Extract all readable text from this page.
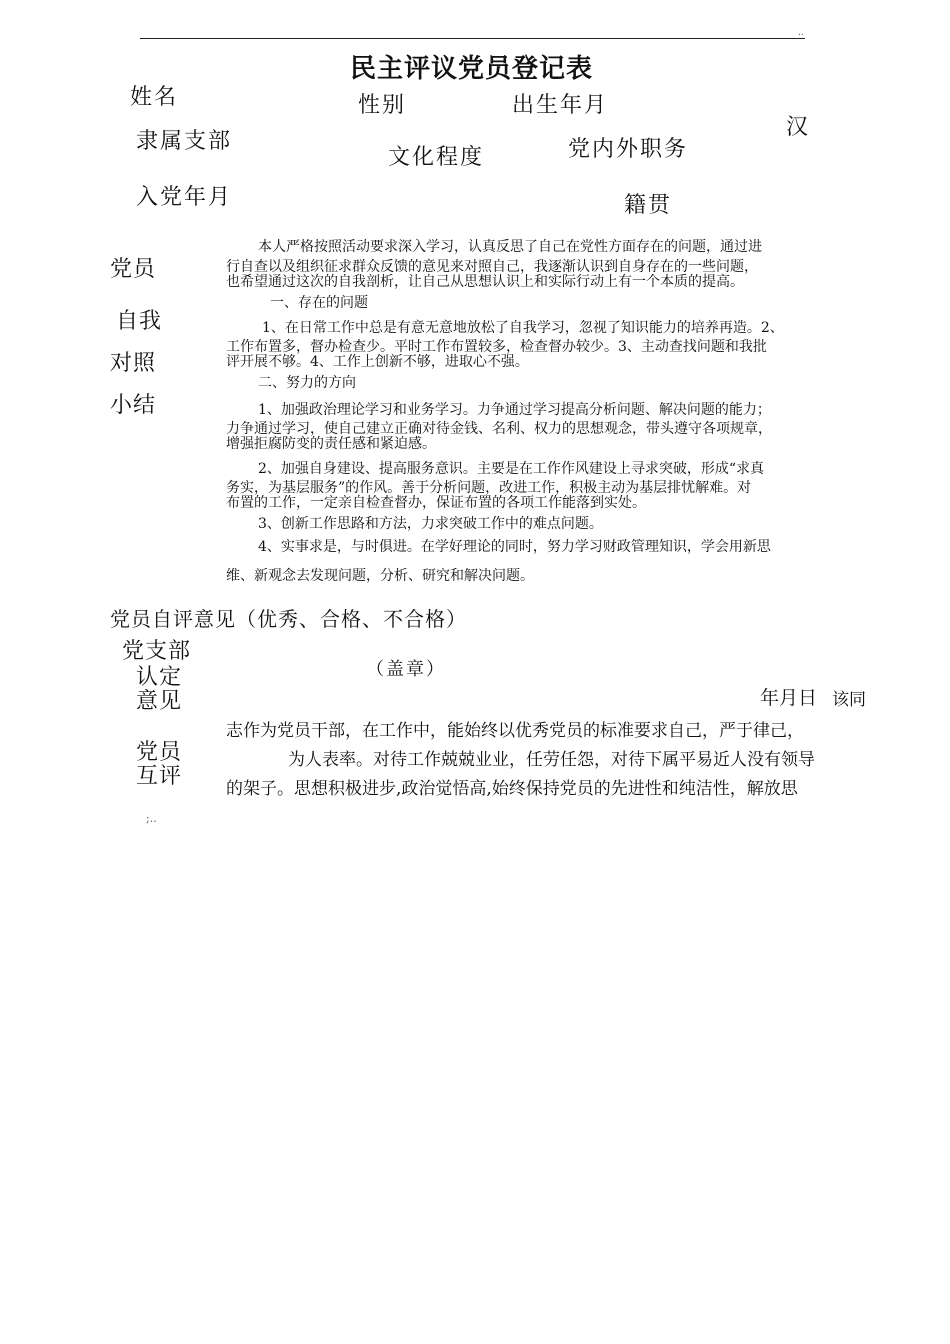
..
民主评议党员登记表
姓名	性别	出生年月
汉
隶属支部
文化程度	党内外职务
入党年月	籍贯
党员
自我
对照
小结
本人严格按照活动要求深入学习，认真反思了自己在党性方面存在的问题，通过进
行自查以及组织征求群众反馈的意见来对照自己，我逐渐认识到自身存在的一些问题，
也希望通过这次的自我剖析，让自己从思想认识上和实际行动上有一个本质的提高。
一、存在的问题
1、在日常工作中总是有意无意地放松了自我学习，忽视了知识能力的培养再造。2、
工作布置多，督办检查少。平时工作布置较多，检查督办较少。3、主动查找问题和我批
评开展不够。4、工作上创新不够，进取心不强。
二、努力的方向
1、加强政治理论学习和业务学习。力争通过学习提高分析问题、解决问题的能力；
力争通过学习，使自己建立正确对待金钱、名利、权力的思想观念，带头遵守各项规章，
增强拒腐防变的责任感和紧迫感。
2、加强自身建设、提高服务意识。主要是在工作作风建设上寻求突破，形成“求真
务实，为基层服务”的作风。善于分析问题，改进工作，积极主动为基层排忧解难。对
布置的工作，一定亲自检查督办，保证布置的各项工作能落到实处。
3、创新工作思路和方法，力求突破工作中的难点问题。
4、实事求是，与时俱进。在学好理论的同时，努力学习财政管理知识，学会用新思
维、新观念去发现问题，分析、研究和解决问题。
党员自评意见（优秀、合格、不合格）
党支部
认定
意见
（盖章）
年月日 该同
党员
互评
志作为党员干部，在工作中，能始终以优秀党员的标准要求自己，严于律己，
为人表率。对待工作兢兢业业，任劳任怨，对待下属平易近人没有领导
的架子。思想积极进步,政治觉悟高,始终保持党员的先进性和纯洁性，解放思
;..
